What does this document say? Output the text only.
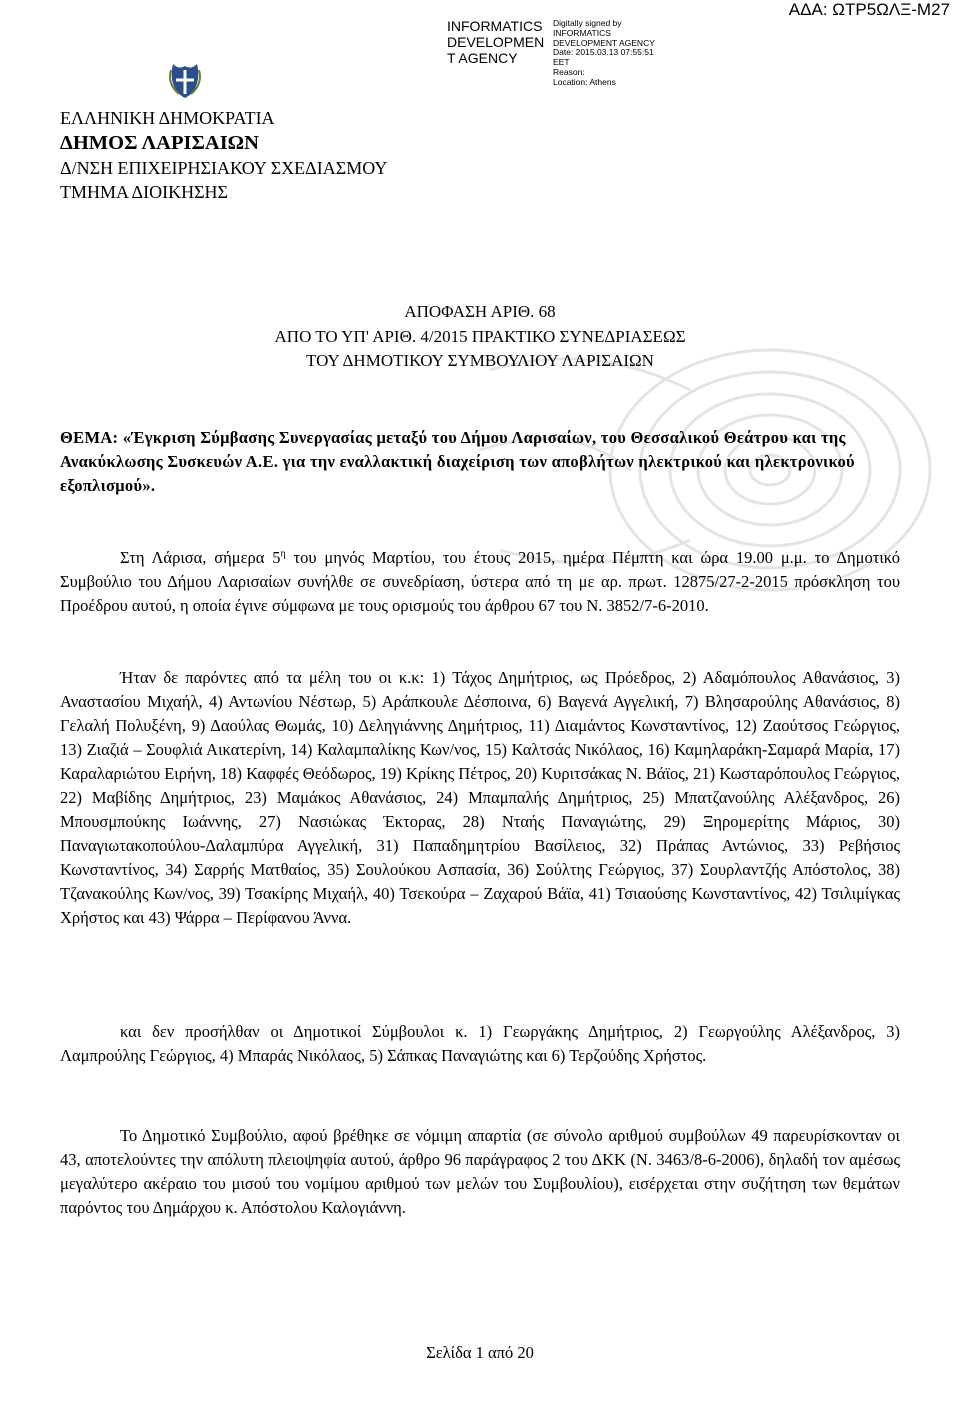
INFORMATICS DEVELOPMEN T AGENCY
Digitally signed by
INFORMATICS
DEVELOPMENT AGENCY
Date: 2015.03.13 07:55:51
EET
Reason:
Location: Athens
ΑΔΑ: ΩΤΡ5ΩΛΞ-Μ27
ΕΛΛΗΝΙΚΗ ΔΗΜΟΚΡΑΤΙΑ
ΔΗΜΟΣ ΛΑΡΙΣΑΙΩΝ
Δ/ΝΣΗ ΕΠΙΧΕΙΡΗΣΙΑΚΟΥ ΣΧΕΔΙΑΣΜΟΥ
ΤΜΗΜΑ ΔΙΟΙΚΗΣΗΣ
ΑΠΟΦΑΣΗ ΑΡΙΘ. 68
ΑΠΟ ΤΟ ΥΠ' ΑΡΙΘ. 4/2015 ΠΡΑΚΤΙΚΟ ΣΥΝΕΔΡΙΑΣΕΩΣ
ΤΟΥ ΔΗΜΟΤΙΚΟΥ ΣΥΜΒΟΥΛΙΟΥ ΛΑΡΙΣΑΙΩΝ
ΘΕΜΑ: «Έγκριση Σύμβασης Συνεργασίας μεταξύ του Δήμου Λαρισαίων, του Θεσσαλικού Θεάτρου και της Ανακύκλωσης Συσκευών Α.Ε. για την εναλλακτική διαχείριση των αποβλήτων ηλεκτρικού και ηλεκτρονικού εξοπλισμού».
Στη Λάρισα, σήμερα $5^\eta$ του μηνός Μαρτίου, του έτους 2015, ημέρα Πέμπτη και ώρα 19.00 μ.μ. το Δημοτικό Συμβούλιο του Δήμου Λαρισαίων συνήλθε σε συνεδρίαση, ύστερα από τη με αρ. πρωτ. 12875/27-2-2015 πρόσκληση του Προέδρου αυτού, η οποία έγινε σύμφωνα με τους ορισμούς του άρθρου 67 του Ν. 3852/7-6-2010.
Ήταν δε παρόντες από τα μέλη του οι κ.κ: 1) Τάχος Δημήτριος, ως Πρόεδρος, 2) Αδαμόπουλος Αθανάσιος, 3) Αναστασίου Μιχαήλ, 4) Αντωνίου Νέστωρ, 5) Αράπκουλε Δέσποινα, 6) Βαγενά Αγγελική, 7) Βλησαρούλης Αθανάσιος, 8) Γελαλή Πολυξένη, 9) Δαούλας Θωμάς, 10) Δεληγιάννης Δημήτριος, 11) Διαμάντος Κωνσταντίνος, 12) Ζαούτσος Γεώργιος, 13) Ζιαζιά – Σουφλιά Αικατερίνη, 14) Καλαμπαλίκης Κων/νος, 15) Καλτσάς Νικόλαος, 16) Καμηλαράκη-Σαμαρά Μαρία, 17) Καραλαριώτου Ειρήνη, 18) Καφφές Θεόδωρος, 19) Κρίκης Πέτρος, 20) Κυριτσάκας Ν. Βάϊος, 21) Κωσταρόπουλος Γεώργιος, 22) Μαβίδης Δημήτριος, 23) Μαμάκος Αθανάσιος, 24) Μπαμπαλής Δημήτριος, 25) Μπατζανούλης Αλέξανδρος, 26) Μπουσμπούκης Ιωάννης, 27) Νασιώκας Έκτορας, 28) Νταής Παναγιώτης, 29) Ξηρομερίτης Μάριος, 30) Παναγιωτακοπούλου-Δαλαμπύρα Αγγελική, 31) Παπαδημητρίου Βασίλειος, 32) Πράπας Αντώνιος, 33) Ρεβήσιος Κωνσταντίνος, 34) Σαρρής Ματθαίος, 35) Σουλούκου Ασπασία, 36) Σούλτης Γεώργιος, 37) Σουρλαντζής Απόστολος, 38) Τζανακούλης Κων/νος, 39) Τσακίρης Μιχαήλ, 40) Τσεκούρα – Ζαχαρού Βάϊα, 41) Τσιαούσης Κωνσταντίνος, 42) Τσιλιμίγκας Χρήστος και 43) Ψάρρα – Περίφανου Άννα.
και δεν προσήλθαν οι Δημοτικοί Σύμβουλοι κ. 1) Γεωργάκης Δημήτριος, 2) Γεωργούλης Αλέξανδρος, 3) Λαμπρούλης Γεώργιος, 4) Μπαράς Νικόλαος, 5) Σάπκας Παναγιώτης και 6) Τερζούδης Χρήστος.
Το Δημοτικό Συμβούλιο, αφού βρέθηκε σε νόμιμη απαρτία (σε σύνολο αριθμού συμβούλων 49 παρευρίσκονταν οι 43, αποτελούντες την απόλυτη πλειοψηφία αυτού, άρθρο 96 παράγραφος 2 του ΔΚΚ (Ν. 3463/8-6-2006), δηλαδή τον αμέσως μεγαλύτερο ακέραιο του μισού του νομίμου αριθμού των μελών του Συμβουλίου), εισέρχεται στην συζήτηση των θεμάτων παρόντος του Δημάρχου κ. Απόστολου Καλογιάννη.
Σελίδα 1 από 20
